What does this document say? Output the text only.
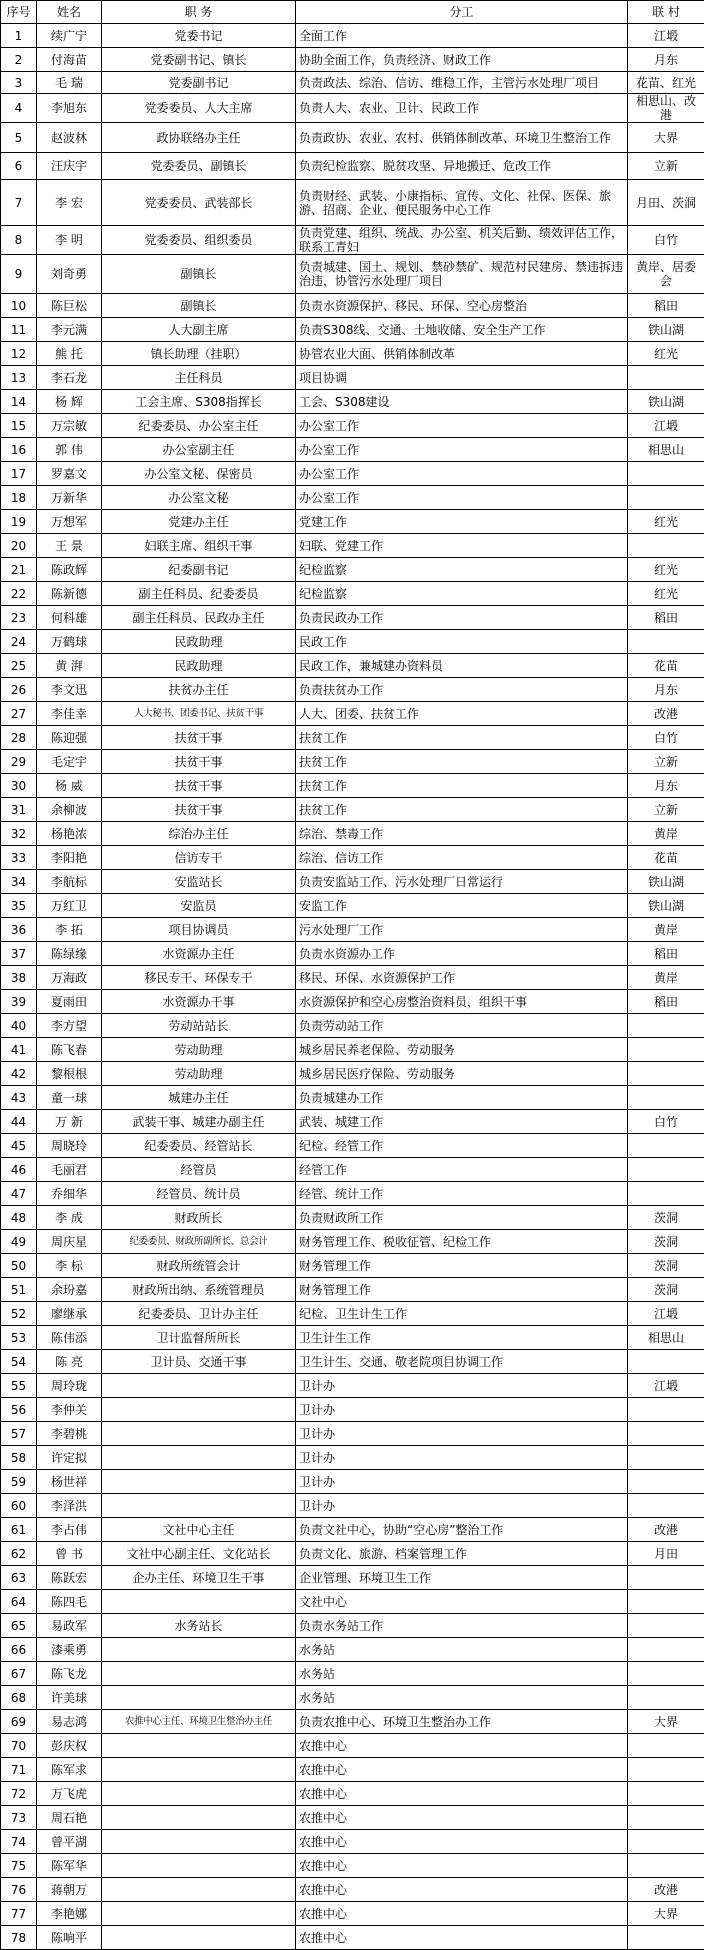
序号	姓名	职 务	分工	联 村
1	续广宁	党委书记	全面工作	江塅
2	付海苗	党委副书记、镇长	协助全面工作，负责经济、财政工作	月东
3	毛 瑞	党委副书记	负责政法、综治、信访、维稳工作，主管污水处理厂项目	花苗、红光
4	李旭东	党委委员、人大主席	负责人大、农业、卫计、民政工作	相思山、改港
5	赵波林	政协联络办主任	负责政协、农业、农村、供销体制改革、环境卫生整治工作	大界
6	汪庆宇	党委委员、副镇长	负责纪检监察、脱贫攻坚、异地搬迁、危改工作	立新
7	李 宏	党委委员、武装部长	负责财经、武装、小康指标、宣传、文化、社保、医保、旅游、招商、企业、便民服务中心工作	月田、茨洞
8	李 明	党委委员、组织委员	负责党建、组织、统战、办公室、机关后勤、绩效评估工作，联系工青妇	白竹
9	刘奇勇	副镇长	负责城建、国土、规划、禁砂禁矿、规范村民建房、禁违拆违治违，协管污水处理厂项目	黄岸、居委会
10	陈巨松	副镇长	负责水资源保护、移民、环保、空心房整治	稻田
11	李元满	人大副主席	负责S308线、交通、土地收储、安全生产工作	铁山湖
12	熊 托	镇长助理（挂职）	协管农业大面、供销体制改革	红光
13	李石龙	主任科员	项目协调	
14	杨 辉	工会主席、S308指挥长	工会、S308建设	铁山湖
15	万宗敏	纪委委员、办公室主任	办公室工作	江塅
16	郭 伟	办公室副主任	办公室工作	相思山
17	罗嘉文	办公室文秘、保密员	办公室工作	
18	万新华	办公室文秘	办公室工作	
19	万想军	党建办主任	党建工作	红光
20	王 景	妇联主席、组织干事	妇联、党建工作	
21	陈政辉	纪委副书记	纪检监察	红光
22	陈新德	副主任科员、纪委委员	纪检监察	红光
23	何科雄	副主任科员、民政办主任	负责民政办工作	稻田
24	万鹤球	民政助理	民政工作	
25	黄 湃	民政助理	民政工作，兼城建办资料员	花苗
26	李文迅	扶贫办主任	负责扶贫办工作	月东
27	李佳幸	人大秘书、团委书记、扶贫干事	人大、团委、扶贫工作	改港
28	陈迎强	扶贫干事	扶贫工作	白竹
29	毛定宇	扶贫干事	扶贫工作	立新
30	杨 威	扶贫干事	扶贫工作	月东
31	余柳波	扶贫干事	扶贫工作	立新
32	杨艳浓	综治办主任	综治、禁毒工作	黄岸
33	李阳艳	信访专干	综治、信访工作	花苗
34	李航标	安监站长	负责安监站工作、污水处理厂日常运行	铁山湖
35	万红卫	安监员	安监工作	铁山湖
36	李 拓	项目协调员	污水处理厂工作	黄岸
37	陈绿缘	水资源办主任	负责水资源办工作	稻田
38	万海政	移民专干、环保专干	移民、环保、水资源保护工作	黄岸
39	夏雨田	水资源办干事	水资源保护和空心房整治资料员，组织干事	稻田
40	李方望	劳动站站长	负责劳动站工作	
41	陈飞春	劳动助理	城乡居民养老保险、劳动服务	
42	黎根根	劳动助理	城乡居民医疗保险、劳动服务	
43	童一球	城建办主任	负责城建办工作	
44	万 新	武装干事、城建办副主任	武装、城建工作	白竹
45	周晓玲	纪委委员、经管站长	纪检、经管工作	
46	毛丽君	经管员	经管工作	
47	乔细华	经管员、统计员	经管、统计工作	
48	李 成	财政所长	负责财政所工作	茨洞
49	周庆星	纪委委员、财政所副所长、总会计	财务管理工作、税收征管、纪检工作	茨洞
50	李 标	财政所统管会计	财务管理工作	茨洞
51	余玢嘉	财政所出纳、系统管理员	财务管理工作	茨洞
52	廖继承	纪委委员、卫计办主任	纪检、卫生计生工作	江塅
53	陈伟添	卫计监督所所长	卫生计生工作	相思山
54	陈 亮	卫计员、交通干事	卫生计生、交通、敬老院项目协调工作	
55	周玲珑		卫计办	江塅
56	李仲关		卫计办	
57	李碧桃		卫计办	
58	许定拟		卫计办	
59	杨世祥		卫计办	
60	李泽洪		卫计办	
61	李占伟	文社中心主任	负责文社中心，协助“空心房”整治工作	改港
62	曾 书	文社中心副主任、文化站长	负责文化、旅游、档案管理工作	月田
63	陈跃宏	企办主任、环境卫生干事	企业管理、环境卫生工作	
64	陈四毛		文社中心	
65	易政军	水务站长	负责水务站工作	
66	漆乘勇		水务站	
67	陈飞龙		水务站	
68	许美球		水务站	
69	易志鸿	农推中心主任、环境卫生整治办主任	负责农推中心、环境卫生整治办工作	大界
70	彭庆权		农推中心	
71	陈军求		农推中心	
72	万飞虎		农推中心	
73	周石艳		农推中心	
74	曾平湖		农推中心	
75	陈军华		农推中心	
76	蒋朝万		农推中心	改港
77	李艳娜		农推中心	大界
78	陈响平		农推中心	
